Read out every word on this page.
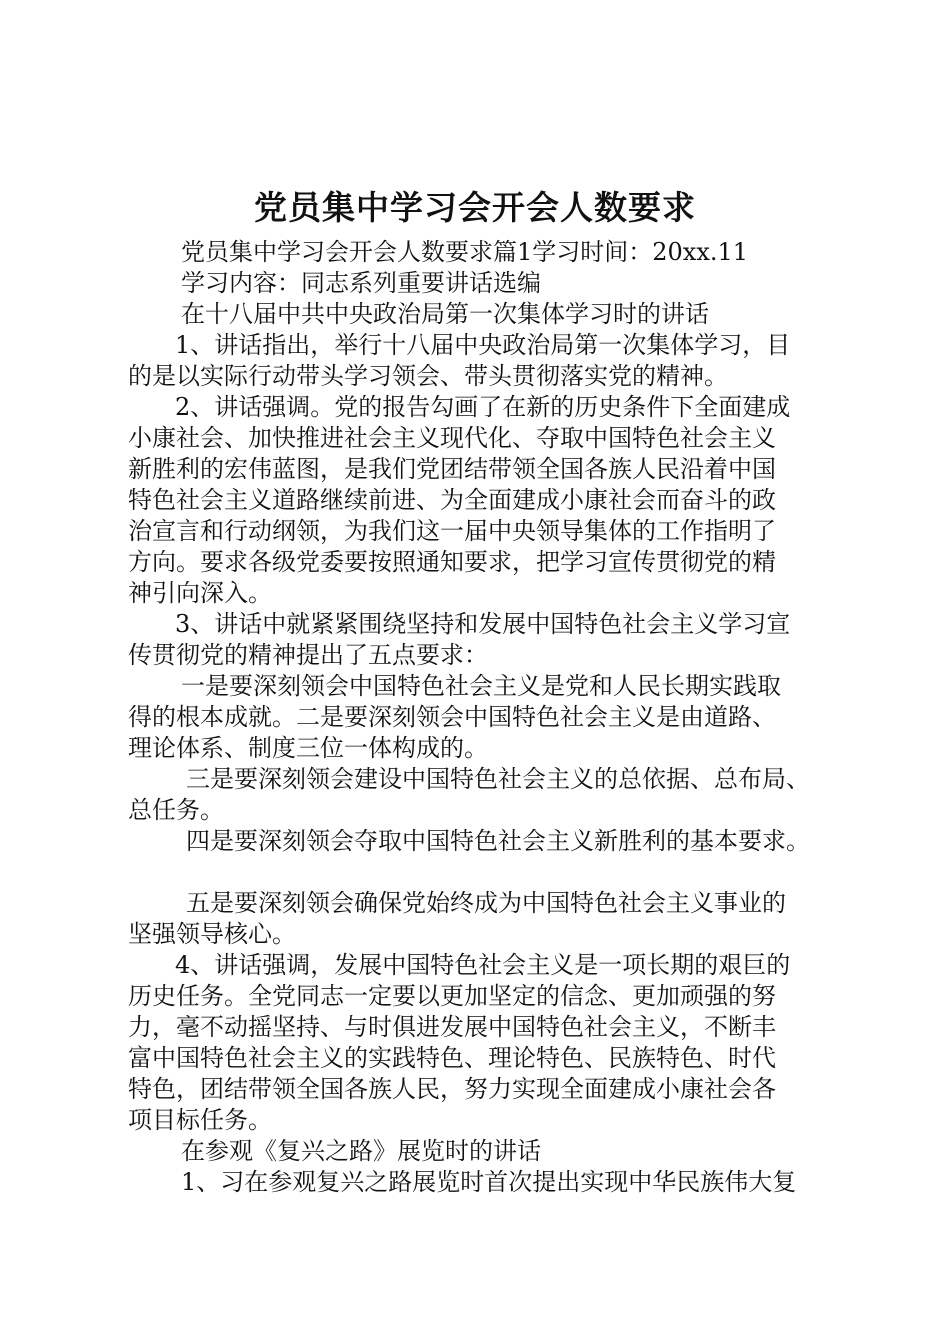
党员集中学习会开会人数要求
党员集中学习会开会人数要求篇1学习时间：20xx.11
学习内容：同志系列重要讲话选编
在十八届中共中央政治局第一次集体学习时的讲话
1、讲话指出，举行十八届中央政治局第一次集体学习，目
的是以实际行动带头学习领会、带头贯彻落实党的精神。
2、讲话强调。党的报告勾画了在新的历史条件下全面建成
小康社会、加快推进社会主义现代化、夺取中国特色社会主义
新胜利的宏伟蓝图，是我们党团结带领全国各族人民沿着中国
特色社会主义道路继续前进、为全面建成小康社会而奋斗的政
治宣言和行动纲领，为我们这一届中央领导集体的工作指明了
方向。要求各级党委要按照通知要求，把学习宣传贯彻党的精
神引向深入。
3、讲话中就紧紧围绕坚持和发展中国特色社会主义学习宣
传贯彻党的精神提出了五点要求：
一是要深刻领会中国特色社会主义是党和人民长期实践取
得的根本成就。二是要深刻领会中国特色社会主义是由道路、
理论体系、制度三位一体构成的。
三是要深刻领会建设中国特色社会主义的总依据、总布局、
总任务。
四是要深刻领会夺取中国特色社会主义新胜利的基本要求。
五是要深刻领会确保党始终成为中国特色社会主义事业的
坚强领导核心。
4、讲话强调，发展中国特色社会主义是一项长期的艰巨的
历史任务。全党同志一定要以更加坚定的信念、更加顽强的努
力，毫不动摇坚持、与时俱进发展中国特色社会主义，不断丰
富中国特色社会主义的实践特色、理论特色、民族特色、时代
特色，团结带领全国各族人民，努力实现全面建成小康社会各
项目标任务。
在参观《复兴之路》展览时的讲话
1、习在参观复兴之路展览时首次提出实现中华民族伟大复
